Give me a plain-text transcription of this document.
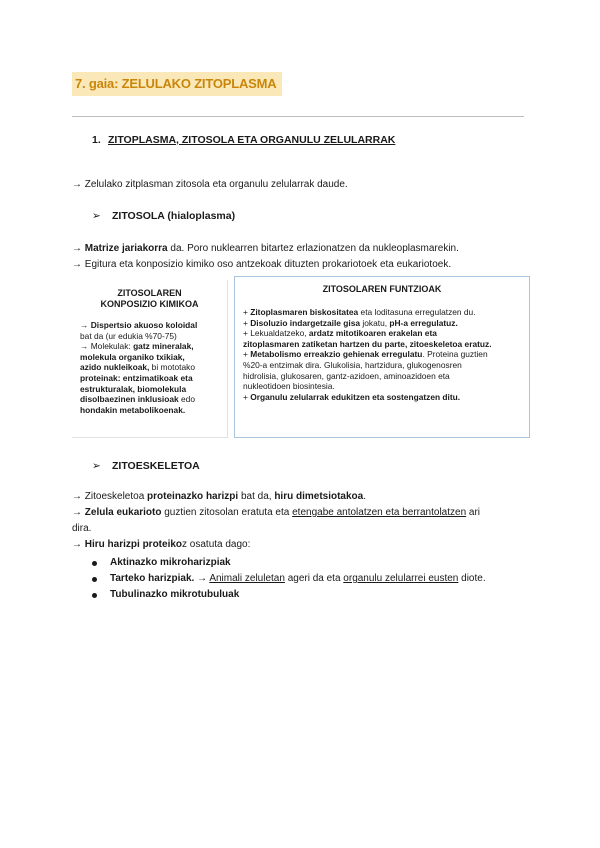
7. gaia: ZELULAKO ZITOPLASMA
1. ZITOPLASMA, ZITOSOLA ETA ORGANULU ZELULARRAK
→ Zelulako zitplasman zitosola eta organulu zelularrak daude.
➢ ZITOSOLA (hialoplasma)
→ Matrize jariakorra da. Poro nuklearren bitartez erlazionatzen da nukleoplasmarekin.
→ Egitura eta konposizio kimiko oso antzekoak dituzten prokariotoek eta eukariotoek.
ZITOSOLAREN
KONPOSIZIO KIMIKOA
→ Dispertsio akuoso koloidal
bat da (ur edukia %70-75)
→ Molekulak: gatz mineralak,
molekula organiko txikiak,
azido nukleikoak, bi mototako
proteinak: entzimatikoak eta
estrukturalak, biomolekula
disolbaezinen inklusioak edo
hondakin metabolikoenak.
ZITOSOLAREN FUNTZIOAK
+ Zitoplasmaren biskositatea eta loditasuna erregulatzen du.
+ Disoluzio indargetzaile gisa jokatu, pH-a erregulatuz.
+ Lekualdatzeko, ardatz mitotikoaren erakelan eta
zitoplasmaren zatiketan hartzen du parte, zitoeskeletoa eratuz.
+ Metabolismo erreakzio gehienak erregulatu. Proteina guztien
%20-a entzimak dira. Glukolisia, hartzidura, glukogenosren
hidrolisia, glukosaren, gantz-azidoen, aminoazidoen eta
nukleotidoen biosintesia.
+ Organulu zelularrak edukitzen eta sostengatzen ditu.
➢ ZITOESKELETOA
→ Zitoeskeletoa proteinazko harizpi bat da, hiru dimetsiotakoa.
→ Zelula eukarioto guztien zitosolan eratuta eta etengabe antolatzen eta berrantolatzen ari
dira.
→ Hiru harizpi proteikoz osatuta dago:
Aktinazko mikroharizpiak
Tarteko harizpiak. → Animali zeluletan ageri da eta organulu zelularrei eusten diote.
Tubulinazko mikrotubuluak
